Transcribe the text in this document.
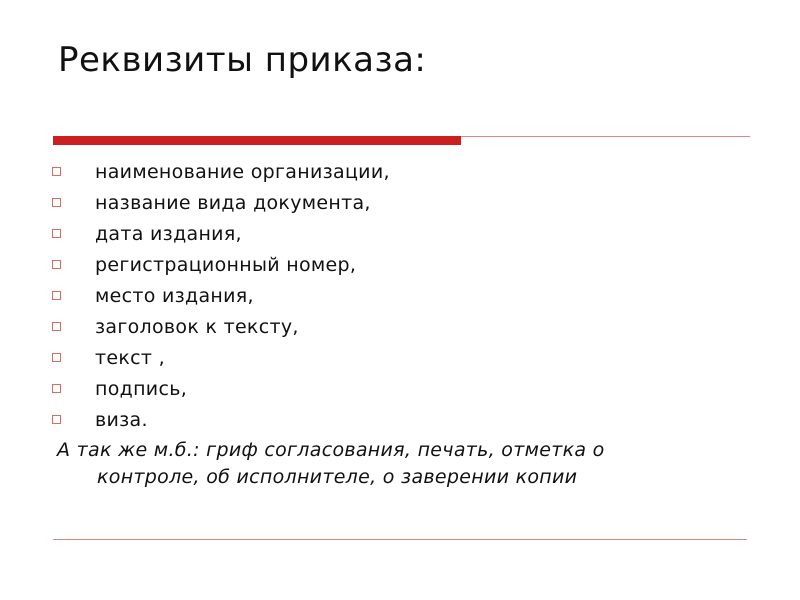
Реквизиты приказа:
наименование организации,
название вида документа,
дата издания,
регистрационный номер,
место издания,
заголовок к тексту,
текст ,
подпись,
виза.

А так же м.б.: гриф согласования, печать, отметка о
контроле, об исполнителе, о заверении копии
